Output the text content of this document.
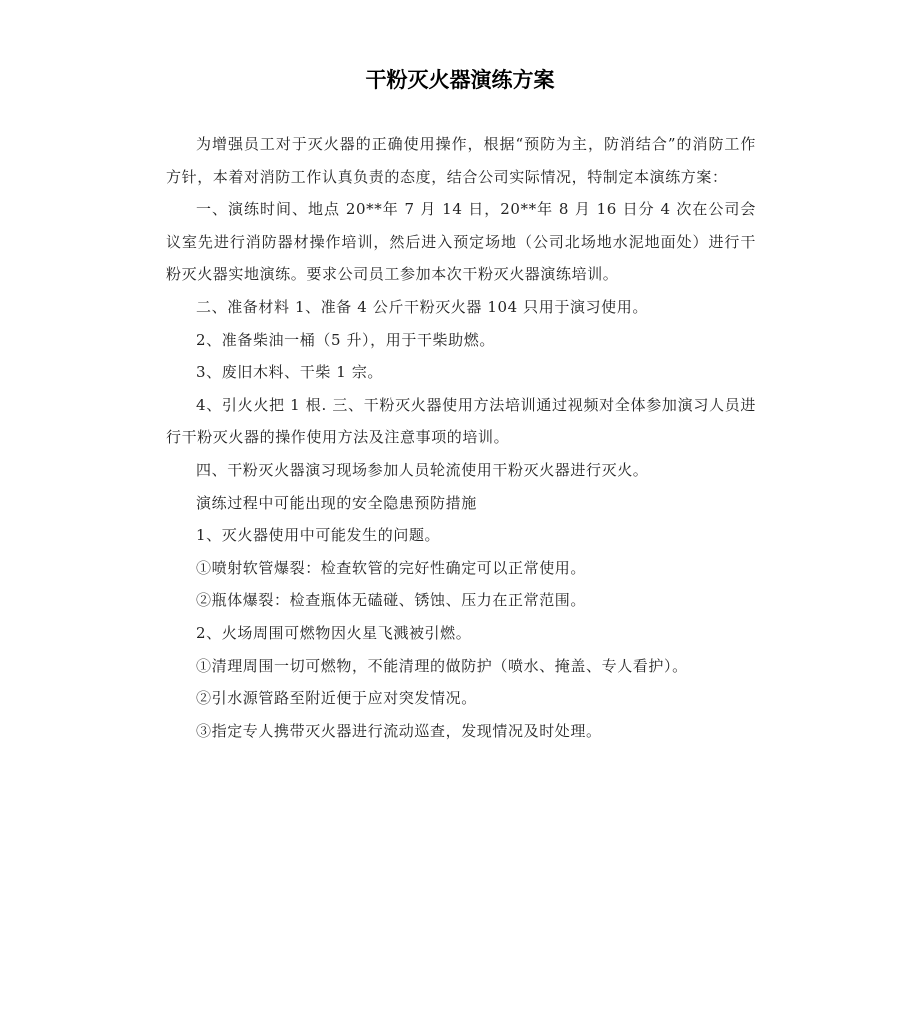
干粉灭火器演练方案

为增强员工对于灭火器的正确使用操作，根据“预防为主，防消结合”的消防工作方针，本着对消防工作认真负责的态度，结合公司实际情况，特制定本演练方案：

一、演练时间、地点 20**年 7 月 14 日，20**年 8 月 16 日分 4 次在公司会议室先进行消防器材操作培训，然后进入预定场地（公司北场地水泥地面处）进行干粉灭火器实地演练。要求公司员工参加本次干粉灭火器演练培训。

二、准备材料 1、准备 4 公斤干粉灭火器 104 只用于演习使用。

2、准备柴油一桶（5 升），用于干柴助燃。

3、废旧木料、干柴 1 宗。

4、引火火把 1 根. 三、干粉灭火器使用方法培训通过视频对全体参加演习人员进行干粉灭火器的操作使用方法及注意事项的培训。

四、干粉灭火器演习现场参加人员轮流使用干粉灭火器进行灭火。

演练过程中可能出现的安全隐患预防措施

1、灭火器使用中可能发生的问题。

①喷射软管爆裂：检查软管的完好性确定可以正常使用。

②瓶体爆裂：检查瓶体无磕碰、锈蚀、压力在正常范围。

2、火场周围可燃物因火星飞溅被引燃。

①清理周围一切可燃物，不能清理的做防护（喷水、掩盖、专人看护）。

②引水源管路至附近便于应对突发情况。

③指定专人携带灭火器进行流动巡查，发现情况及时处理。
